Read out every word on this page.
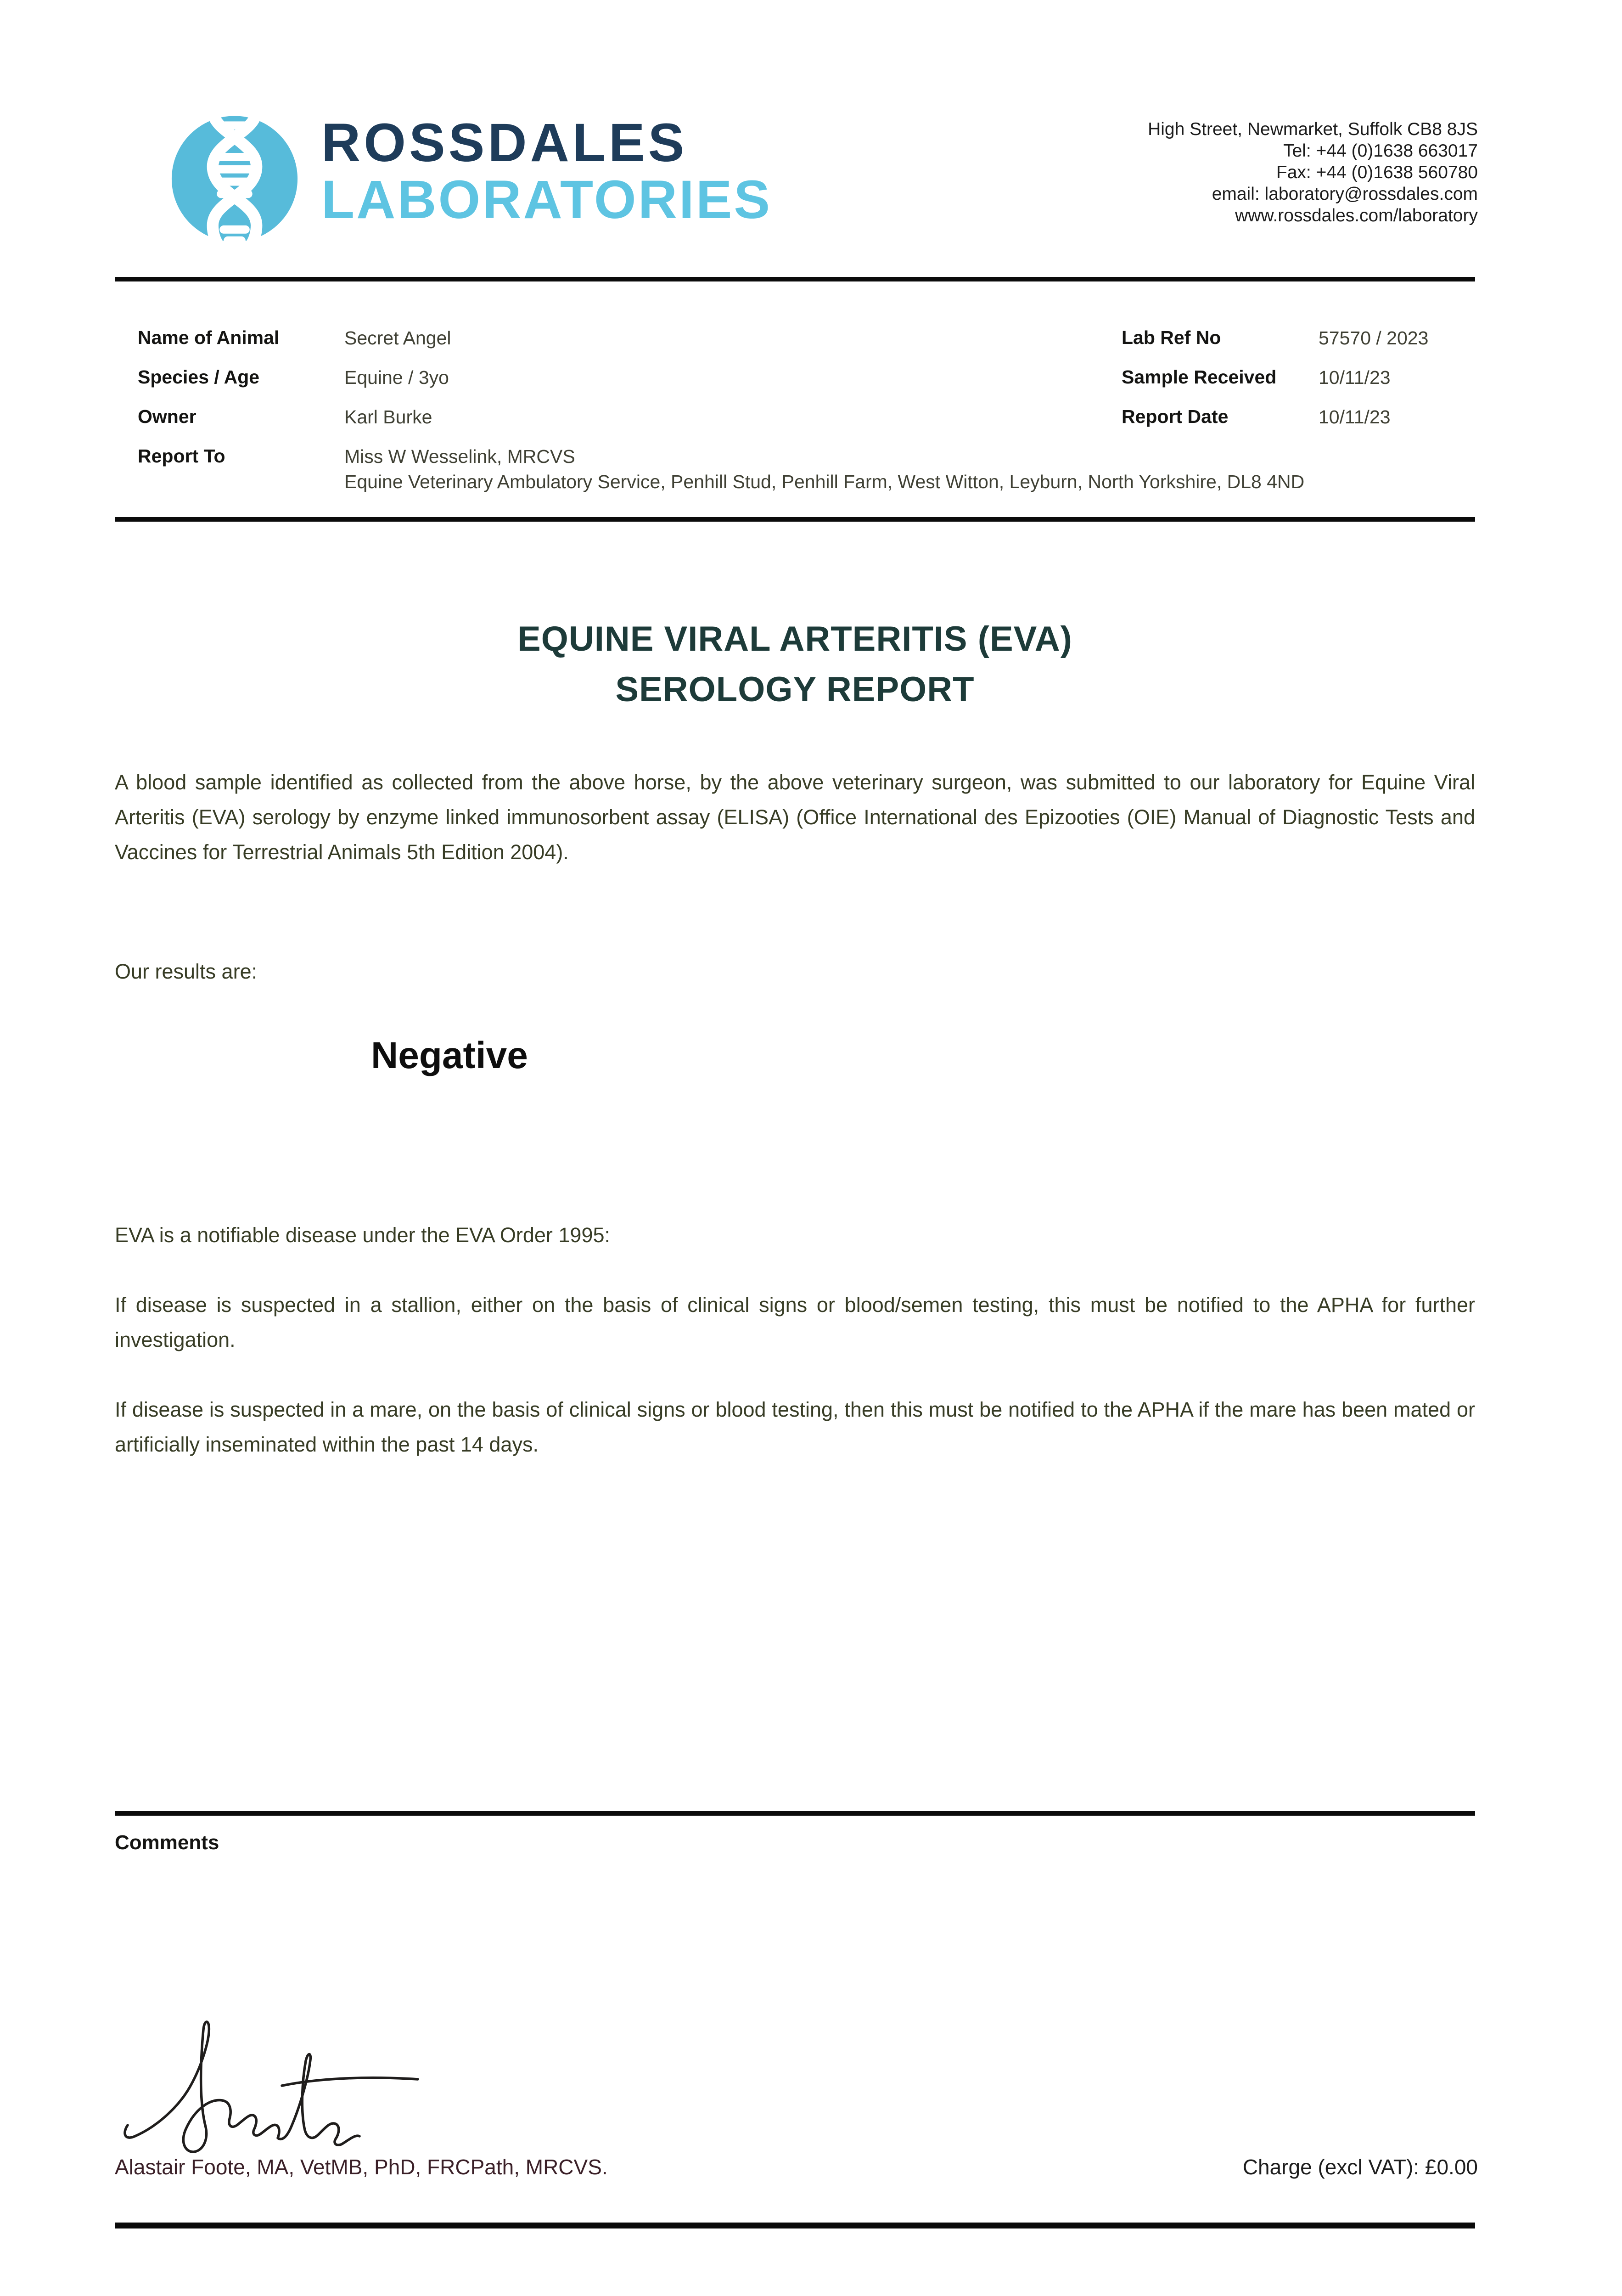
ROSSDALES
LABORATORIES
High Street, Newmarket, Suffolk CB8 8JS
Tel: +44 (0)1638 663017
Fax: +44 (0)1638 560780
email: laboratory@rossdales.com
www.rossdales.com/laboratory
Name of Animal	Secret Angel
Species / Age	Equine / 3yo
Owner	Karl Burke
Report To	Miss W Wesselink, MRCVS
Equine Veterinary Ambulatory Service, Penhill Stud, Penhill Farm, West Witton, Leyburn, North Yorkshire, DL8 4ND
Lab Ref No	57570 / 2023
Sample Received 10/11/23
Report Date	10/11/23
EQUINE VIRAL ARTERITIS (EVA)
SEROLOGY REPORT
A blood sample identified as collected from the above horse, by the above veterinary surgeon, was submitted to our laboratory for Equine Viral Arteritis (EVA) serology by enzyme linked immunosorbent assay (ELISA) (Office International des Epizooties (OIE) Manual of Diagnostic Tests and Vaccines for Terrestrial Animals 5th Edition 2004).
Our results are:
Negative
EVA is a notifiable disease under the EVA Order 1995:
If disease is suspected in a stallion, either on the basis of clinical signs or blood/semen testing, this must be notified to the APHA for further investigation.
If disease is suspected in a mare, on the basis of clinical signs or blood testing, then this must be notified to the APHA if the mare has been mated or artificially inseminated within the past 14 days.
Comments
Alastair Foote, MA, VetMB, PhD, FRCPath, MRCVS.	Charge (excl VAT): £0.00
